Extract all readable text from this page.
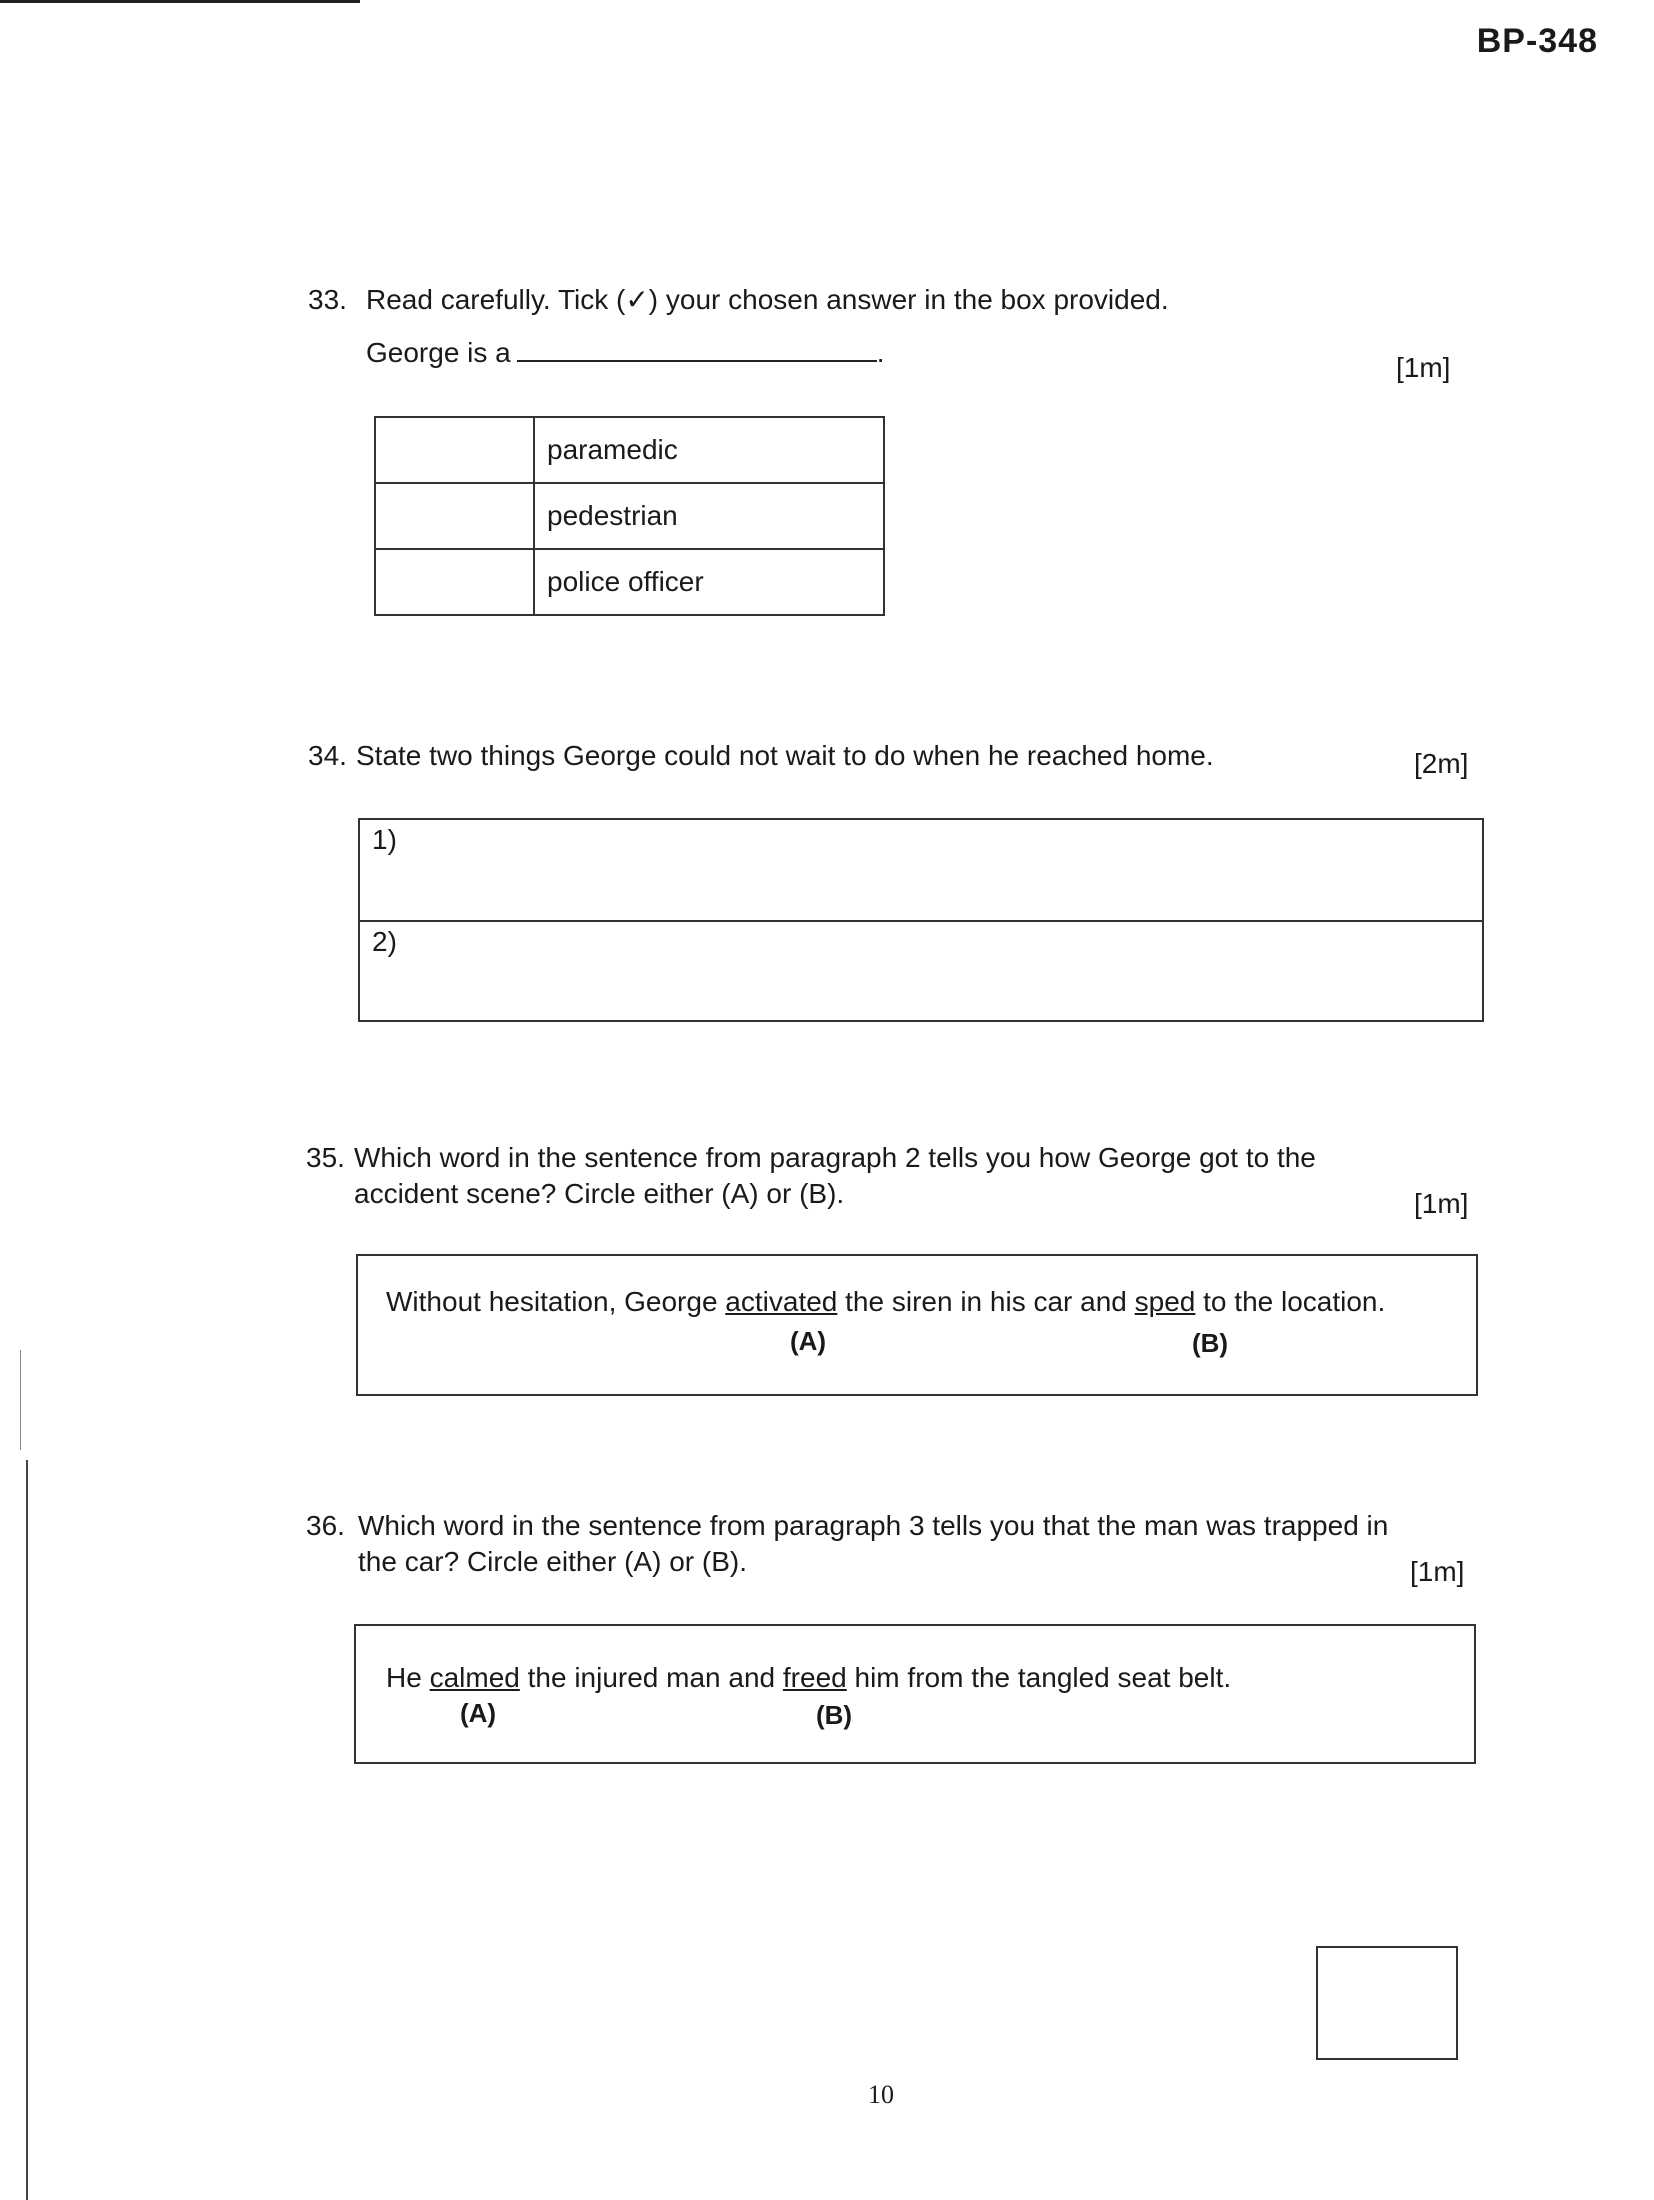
BP-348
33. Read carefully. Tick (✓) your chosen answer in the box provided.
George is a	.	[1m]
	paramedic
	pedestrian
	police officer
34. State two things George could not wait to do when he reached home.	[2m]
1)
2)
35. Which word in the sentence from paragraph 2 tells you how George got to the
accident scene? Circle either (A) or (B).	[1m]
Without hesitation, George activated the siren in his car and sped to the location.
(A)	(B)
36. Which word in the sentence from paragraph 3 tells you that the man was trapped in
the car? Circle either (A) or (B).	[1m]
He calmed the injured man and freed him from the tangled seat belt.
(A)	(B)
10
